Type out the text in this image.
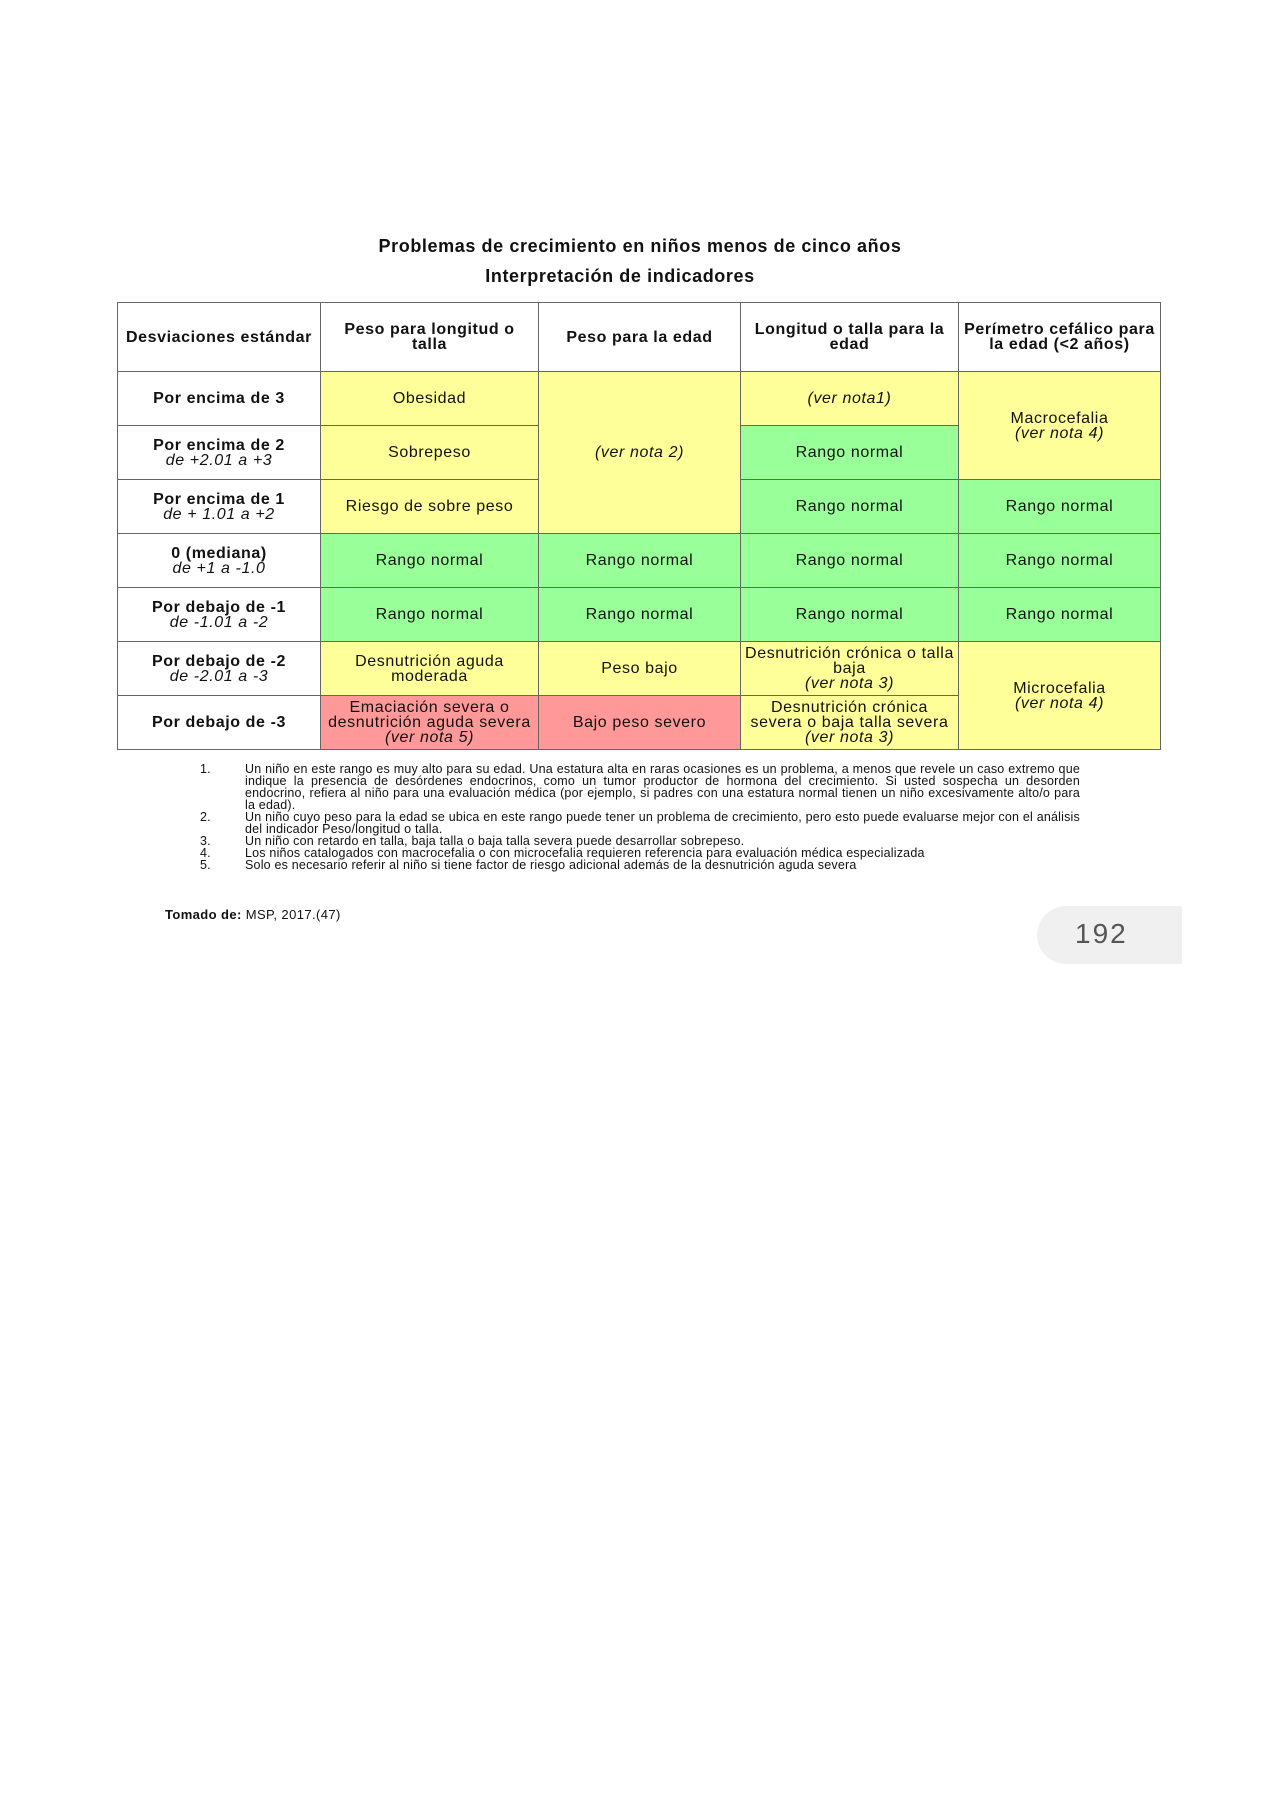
Problemas de crecimiento en niños menos de cinco años
Interpretación de indicadores
Desviaciones estándar	Peso para longitud o talla	Peso para la edad	Longitud o talla para la edad	Perímetro cefálico para la edad (<2 años)
Por encima de 3	Obesidad	(ver nota 2)	(ver nota1)	Macrocefalia
(ver nota 4)
Por encima de 2
de +2.01 a +3	Sobrepeso		Rango normal	
Por encima de 1
de + 1.01 a +2	Riesgo de sobre peso		Rango normal	Rango normal
0 (mediana)
de +1 a -1.0	Rango normal	Rango normal	Rango normal	Rango normal
Por debajo de -1
de -1.01 a -2	Rango normal	Rango normal	Rango normal	Rango normal
Por debajo de -2
de -2.01 a -3	Desnutrición aguda moderada	Peso bajo	Desnutrición crónica o talla baja
(ver nota 3)	Microcefalia
(ver nota 4)
Por debajo de -3	Emaciación severa o desnutrición aguda severa (ver nota 5)	Bajo peso severo	Desnutrición crónica severa o baja talla severa
(ver nota 3)	
1.	Un niño en este rango es muy alto para su edad. Una estatura alta en raras ocasiones es un problema, a menos que revele un caso extremo que indique la presencia de desórdenes endocrinos, como un tumor productor de hormona del crecimiento. Si usted sospecha un desorden endocrino, refiera al niño para una evaluación médica (por ejemplo, si padres con una estatura normal tienen un niño excesivamente alto/o para la edad).
2.	Un niño cuyo peso para la edad se ubica en este rango puede tener un problema de crecimiento, pero esto puede evaluarse mejor con el análisis del indicador Peso/longitud o talla.
3.	Un niño con retardo en talla, baja talla o baja talla severa puede desarrollar sobrepeso.
4.	Los niños catalogados con macrocefalia o con microcefalia requieren referencia para evaluación médica especializada
5.	Solo es necesario referir al niño si tiene factor de riesgo adicional además de la desnutrición aguda severa
Tomado de: MSP, 2017.(47)
192
